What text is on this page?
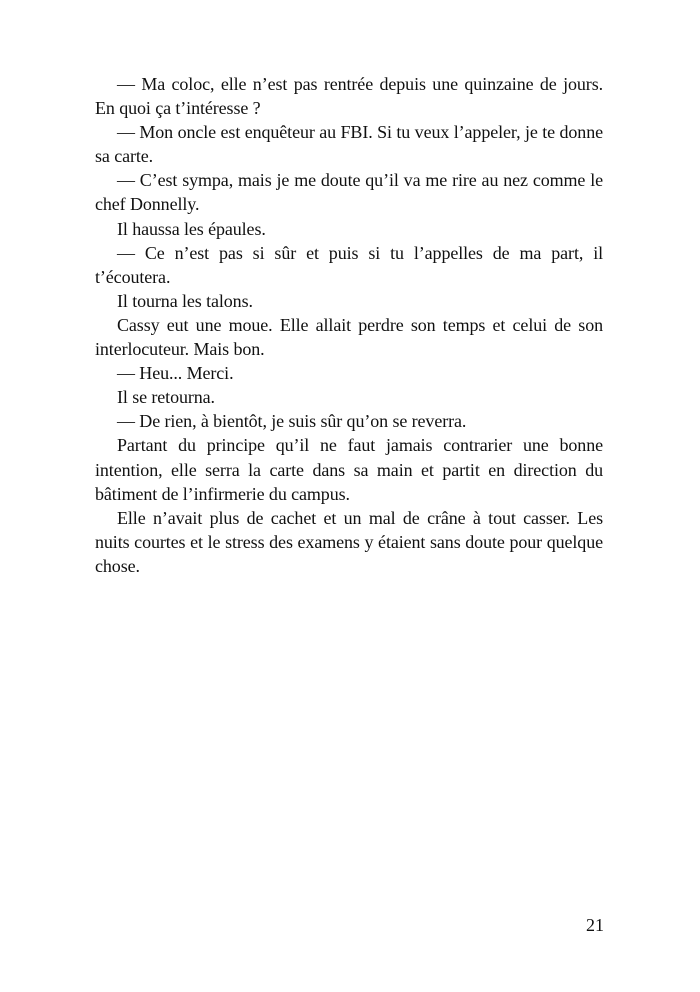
— Ma coloc, elle n’est pas rentrée depuis une quinzaine de jours. En quoi ça t’intéresse ?

— Mon oncle est enquêteur au FBI. Si tu veux l’appeler, je te donne sa carte.

— C’est sympa, mais je me doute qu’il va me rire au nez comme le chef Donnelly.

Il haussa les épaules.

— Ce n’est pas si sûr et puis si tu l’appelles de ma part, il t’écoutera.

Il tourna les talons.

Cassy eut une moue. Elle allait perdre son temps et celui de son interlocuteur. Mais bon.

— Heu... Merci.

Il se retourna.

— De rien, à bientôt, je suis sûr qu’on se reverra.

Partant du principe qu’il ne faut jamais contrarier une bonne intention, elle serra la carte dans sa main et partit en direction du bâtiment de l’infirmerie du campus.

Elle n’avait plus de cachet et un mal de crâne à tout casser. Les nuits courtes et le stress des examens y étaient sans doute pour quelque chose.

21
